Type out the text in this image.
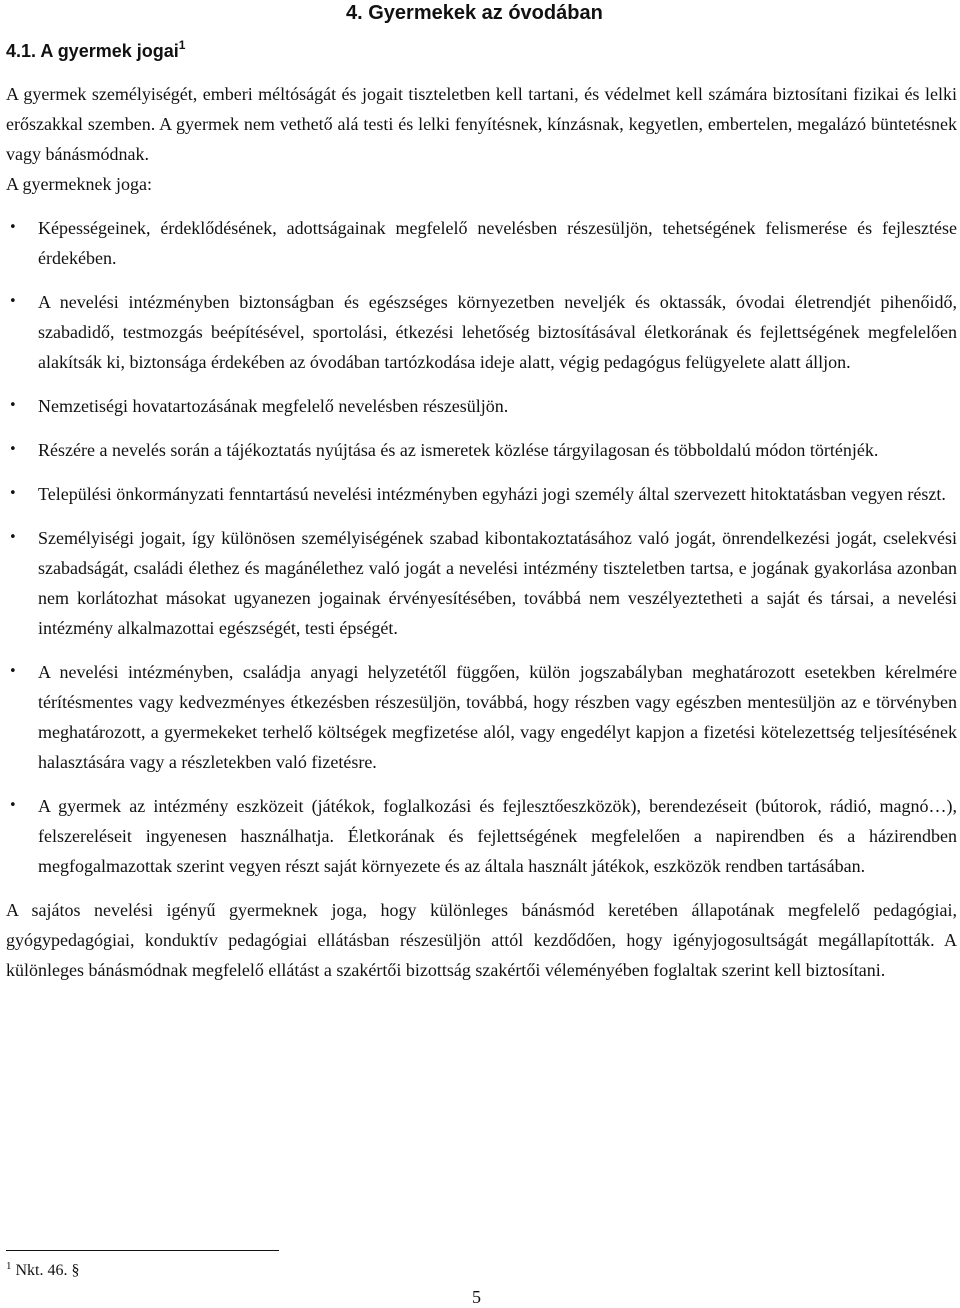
4. Gyermekek az óvodában
4.1. A gyermek jogai$^1$

A gyermek személyiségét, emberi méltóságát és jogait tiszteletben kell tartani, és védelmet kell számára biztosítani fizikai és lelki erőszakkal szemben. A gyermek nem vethető alá testi és lelki fenyítésnek, kínzásnak, kegyetlen, embertelen, megalázó büntetésnek vagy bánásmódnak.

A gyermeknek joga:

• Képességeinek, érdeklődésének, adottságainak megfelelő nevelésben részesüljön, tehetségének felismerése és fejlesztése érdekében.
• A nevelési intézményben biztonságban és egészséges környezetben neveljék és oktassák, óvodai életrendjét pihenőidő, szabadidő, testmozgás beépítésével, sportolási, étkezési lehetőség biztosításával életkorának és fejlettségének megfelelően alakítsák ki, biztonsága érdekében az óvodában tartózkodása ideje alatt, végig pedagógus felügyelete alatt álljon.
• Nemzetiségi hovatartozásának megfelelő nevelésben részesüljön.
• Részére a nevelés során a tájékoztatás nyújtása és az ismeretek közlése tárgyilagosan és többoldalú módon történjék.
• Települési önkormányzati fenntartású nevelési intézményben egyházi jogi személy által szervezett hitoktatásban vegyen részt.
• Személyiségi jogait, így különösen személyiségének szabad kibontakoztatásához való jogát, önrendelkezési jogát, cselekvési szabadságát, családi élethez és magánélethez való jogát a nevelési intézmény tiszteletben tartsa, e jogának gyakorlása azonban nem korlátozhat másokat ugyanezen jogainak érvényesítésében, továbbá nem veszélyeztetheti a saját és társai, a nevelési intézmény alkalmazottai egészségét, testi épségét.
• A nevelési intézményben, családja anyagi helyzetétől függően, külön jogszabályban meghatározott esetekben kérelmére térítésmentes vagy kedvezményes étkezésben részesüljön, továbbá, hogy részben vagy egészben mentesüljön az e törvényben meghatározott, a gyermekeket terhelő költségek megfizetése alól, vagy engedélyt kapjon a fizetési kötelezettség teljesítésének halasztására vagy a részletekben való fizetésre.
• A gyermek az intézmény eszközeit (játékok, foglalkozási és fejlesztőeszközök), berendezéseit (bútorok, rádió, magnó…), felszereléseit ingyenesen használhatja. Életkorának és fejlettségének megfelelően a napirendben és a házirendben megfogalmazottak szerint vegyen részt saját környezete és az általa használt játékok, eszközök rendben tartásában.

A sajátos nevelési igényű gyermeknek joga, hogy különleges bánásmód keretében állapotának megfelelő pedagógiai, gyógypedagógiai, konduktív pedagógiai ellátásban részesüljön attól kezdődően, hogy igényjogosultságát megállapították. A különleges bánásmódnak megfelelő ellátást a szakértői bizottság szakértői véleményében foglaltak szerint kell biztosítani.

$^1$ Nkt. 46. §

5
